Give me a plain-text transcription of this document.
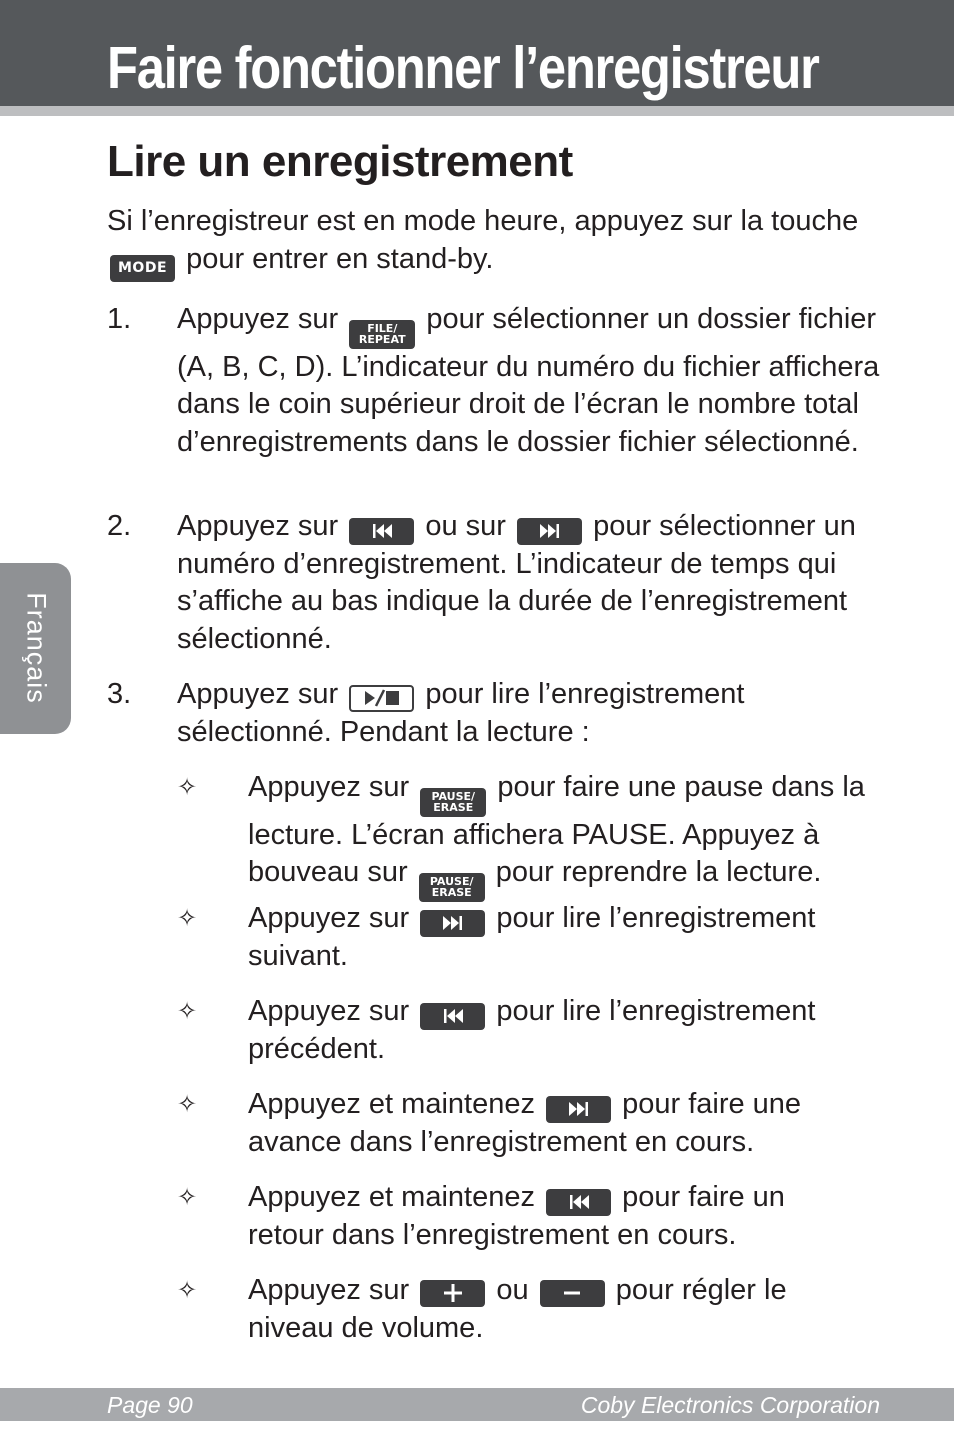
Faire fonctionner l’enregistreur
Lire un enregistrement

Si l’enregistreur est en mode heure, appuyez sur la touche
MODE pour entrer en stand-by.

1. Appuyez sur	FILE/
REPEAT
pour sélectionner un dossier fichier (A, B, C, D). L’indicateur du numéro du fichier affichera dans le coin supérieur droit de l’écran le nombre total d’enregistrements dans le dossier fichier sélectionné.

2. Appuyez sur	ou sur	pour sélectionner un numéro d’enregistrement. L’indicateur de temps qui s’affiche au bas indique la durée de l’enregistrement sélectionné.

3. Appuyez sur	pour lire l’enregistrement sélectionné. Pendant la lecture :

✧ Appuyez sur PAUSE/
ERASE
pour faire une pause dans la lecture. L’écran affichera PAUSE. Appuyez à bouveau sur PAUSE/
ERASE
pour reprendre la lecture.

✧ Appuyez sur	pour lire l’enregistrement suivant.

✧ Appuyez sur	pour lire l’enregistrement précédent.

✧ Appuyez et maintenez	pour faire une avance dans l’enregistrement en cours.

✧ Appuyez et maintenez	pour faire un retour dans l’enregistrement en cours.

✧ Appuyez sur	ou	pour régler le niveau de volume.

Français
Page 90	Coby Electronics Corporation
